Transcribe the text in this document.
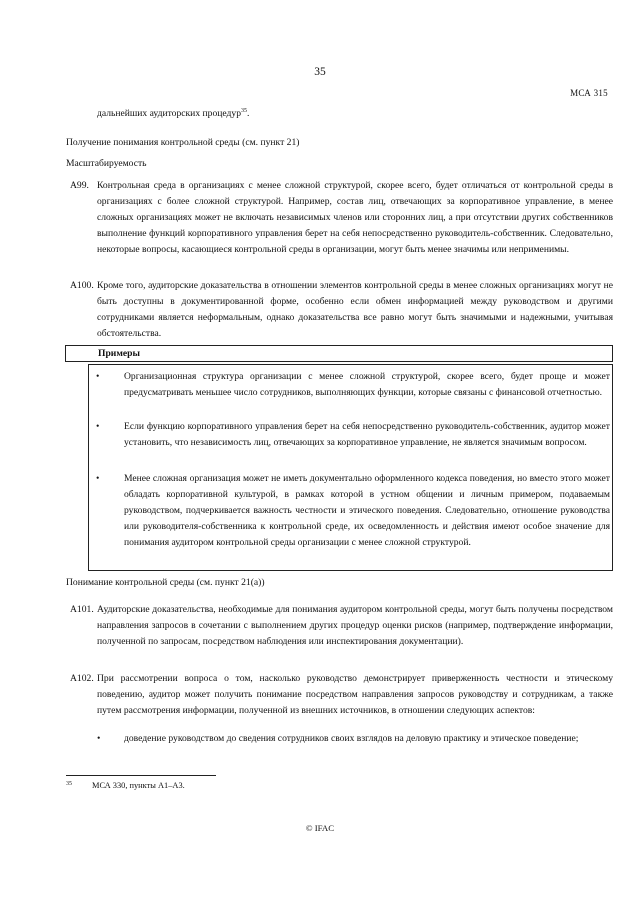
35
МСА 315
дальнейших аудиторских процедур$^{35}$.
Получение понимания контрольной среды (см. пункт 21)
Масштабируемость
A99. Контрольная среда в организациях с менее сложной структурой, скорее всего, будет отличаться от контрольной среды в организациях с более сложной структурой. Например, состав лиц, отвечающих за корпоративное управление, в менее сложных организациях может не включать независимых членов или сторонних лиц, а при отсутствии других собственников выполнение функций корпоративного управления берет на себя непосредственно руководитель-собственник. Следовательно, некоторые вопросы, касающиеся контрольной среды в организации, могут быть менее значимы или неприменимы.
A100. Кроме того, аудиторские доказательства в отношении элементов контрольной среды в менее сложных организациях могут не быть доступны в документированной форме, особенно если обмен информацией между руководством и другими сотрудниками является неформальным, однако доказательства все равно могут быть значимыми и надежными, учитывая обстоятельства.
Примеры
•	Организационная структура организации с менее сложной структурой, скорее всего, будет проще и может предусматривать меньшее число сотрудников, выполняющих функции, которые связаны с финансовой отчетностью.
•	Если функцию корпоративного управления берет на себя непосредственно руководитель-собственник, аудитор может установить, что независимость лиц, отвечающих за корпоративное управление, не является значимым вопросом.
•	Менее сложная организация может не иметь документально оформленного кодекса поведения, но вместо этого может обладать корпоративной культурой, в рамках которой в устном общении и личным примером, подаваемым руководством, подчеркивается важность честности и этического поведения. Следовательно, отношение руководства или руководителя-собственника к контрольной среде, их осведомленность и действия имеют особое значение для понимания аудитором контрольной среды организации с менее сложной структурой.
Понимание контрольной среды (см. пункт 21(a))
A101. Аудиторские доказательства, необходимые для понимания аудитором контрольной среды, могут быть получены посредством направления запросов в сочетании с выполнением других процедур оценки рисков (например, подтверждение информации, полученной по запросам, посредством наблюдения или инспектирования документации).
A102. При рассмотрении вопроса о том, насколько руководство демонстрирует приверженность честности и этическому поведению, аудитор может получить понимание посредством направления запросов руководству и сотрудникам, а также путем рассмотрения информации, полученной из внешних источников, в отношении следующих аспектов:
• доведение руководством до сведения сотрудников своих взглядов на деловую практику и этическое поведение;
$^{35}$ МСА 330, пункты A1–A3.
© IFAC
